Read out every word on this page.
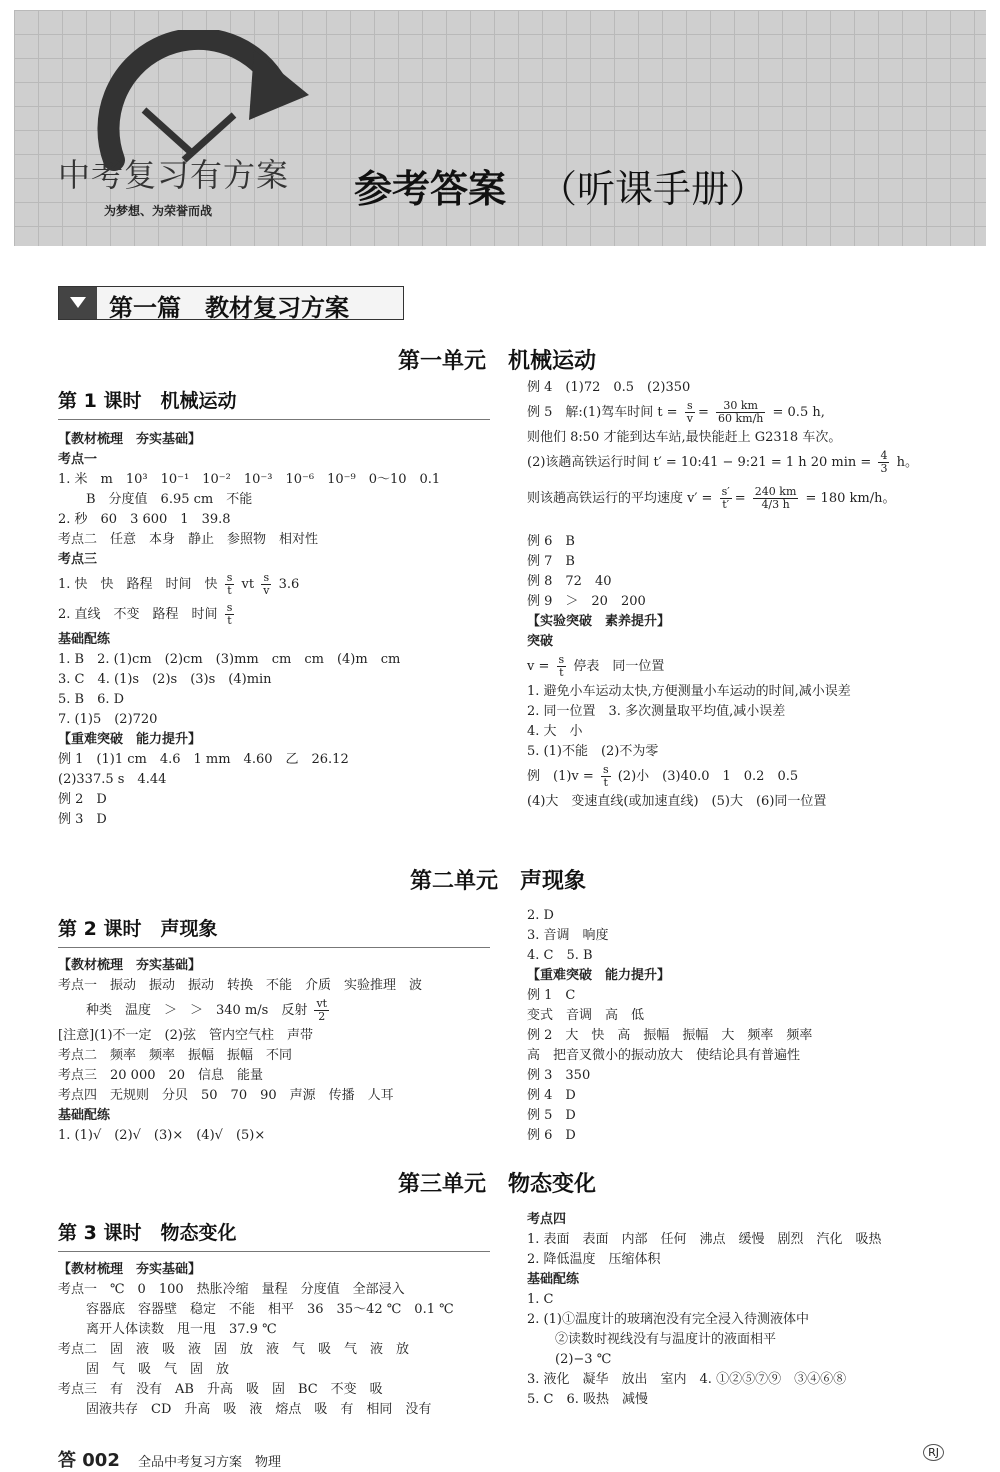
中考复习有方案
为梦想、为荣誉而战	参考答案 （听课手册）
第一篇　教材复习方案
第一单元　机械运动
第 1 课时　机械运动
【教材梳理　夯实基础】
考点一
1. 米　m　10³　10⁻¹　10⁻²　10⁻³　10⁻⁶　10⁻⁹　0～10　0.1
B　分度值　6.95 cm　不能
2. 秒　60　3 600　1　39.8
考点二　任意　本身　静止　参照物　相对性
考点三
1. 快　快　路程　时间　快 $\frac{s}{t}$ vt $\frac{s}{v} 3.6$
2. 直线　不变　路程　时间 $\frac{s}{t}$
基础配练
1. B　2. (1)cm　(2)cm　(3)mm　cm　cm　(4)m　cm
3. C　4. (1)s　(2)s　(3)s　(4)min
5. B　6. D
7. (1)5　(2)720
【重难突破　能力提升】
例 1　(1)1 cm　4.6　1 mm　4.60　乙　26.12
(2)337.5 s　4.44
例 2　D
例 3　D
例 4　(1)72　0.5　(2)350
例 5　解:(1)驾车时间 $t = \frac{s}{v} = \frac{30 km}{60 km/h} = 0.5$ h,
则他们 8:50 才能到达车站,最快能赶上 G2318 车次。
(2)该趟高铁运行时间 t′ = 10:41 − 9:21 = 1 h 20 $\min = \frac{4}{3}$ h。
则该趟高铁运行的平均速度 $v' = \frac{s'}{t'} = \frac{240 km}{4/3 h} = 180$ km/h。
例 6　B
例 7　B
例 8　72　40
例 9　＞　20　200
【实验突破　素养提升】
突破
$v = \frac{s}{t}$ 停表　同一位置
1. 避免小车运动太快,方便测量小车运动的时间,减小误差
2. 同一位置　3. 多次测量取平均值,减小误差
4. 大　小
5. (1)不能　(2)不为零
例　$(1)v = \frac{s}{t} (2)$小　(3)40.0　1　0.2　0.5
(4)大　变速直线(或加速直线)　(5)大　(6)同一位置
第二单元　声现象
第 2 课时　声现象
【教材梳理　夯实基础】
考点一　振动　振动　振动　转换　不能　介质　实验推理　波
种类　温度　＞　＞　340 m/s　反射 $\frac{vt}{2}$
[注意](1)不一定　(2)弦　管内空气柱　声带
考点二　频率　频率　振幅　振幅　不同
考点三　20 000　20　信息　能量
考点四　无规则　分贝　50　70　90　声源　传播　人耳
基础配练
1. (1)√　(2)√　(3)×　(4)√　(5)×
2. D
3. 音调　响度
4. C　5. B
【重难突破　能力提升】
例 1　C
变式　音调　高　低
例 2　大　快　高　振幅　振幅　大　频率　频率
高　把音叉微小的振动放大　使结论具有普遍性
例 3　350
例 4　D
例 5　D
例 6　D
第三单元　物态变化
第 3 课时　物态变化
【教材梳理　夯实基础】
考点一　℃　0　100　热胀冷缩　量程　分度值　全部浸入
容器底　容器壁　稳定　不能　相平　36　35～42 ℃　0.1 ℃
离开人体读数　甩一甩　37.9 ℃
考点二　固　液　吸　液　固　放　液　气　吸　气　液　放
固　气　吸　气　固　放
考点三　有　没有　AB　升高　吸　固　BC　不变　吸
固液共存　CD　升高　吸　液　熔点　吸　有　相同　没有
考点四
1. 表面　表面　内部　任何　沸点　缓慢　剧烈　汽化　吸热
2. 降低温度　压缩体积
基础配练
1. C
2. (1)①温度计的玻璃泡没有完全浸入待测液体中
②读数时视线没有与温度计的液面相平
(2)−3 ℃
3. 液化　凝华　放出　室内　4. ①②⑤⑦⑨　③④⑥⑧
5. C　6. 吸热　减慢
答 002 全品中考复习方案　物理
RJ
